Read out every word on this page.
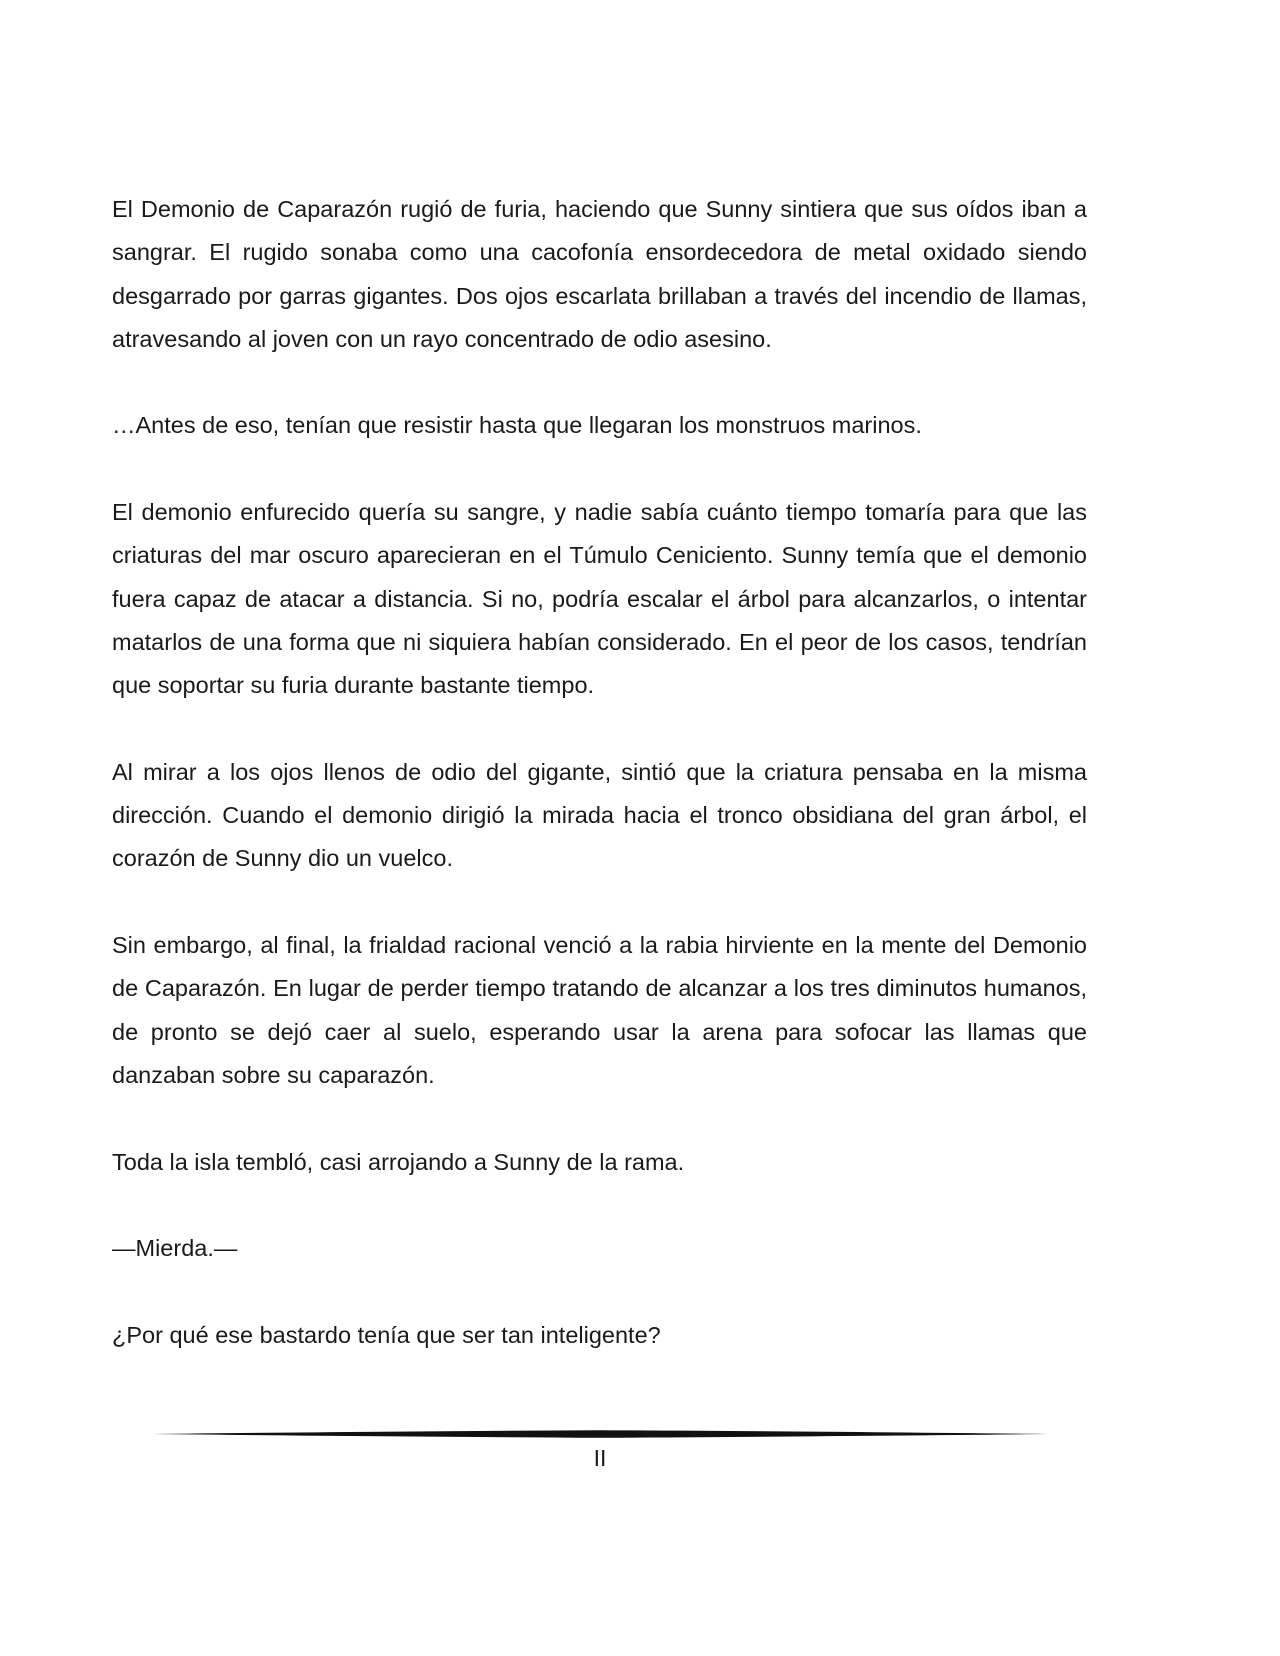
El Demonio de Caparazón rugió de furia, haciendo que Sunny sintiera que sus oídos iban a sangrar. El rugido sonaba como una cacofonía ensordecedora de metal oxidado siendo desgarrado por garras gigantes. Dos ojos escarlata brillaban a través del incendio de llamas, atravesando al joven con un rayo concentrado de odio asesino.

…Antes de eso, tenían que resistir hasta que llegaran los monstruos marinos.

El demonio enfurecido quería su sangre, y nadie sabía cuánto tiempo tomaría para que las criaturas del mar oscuro aparecieran en el Túmulo Ceniciento. Sunny temía que el demonio fuera capaz de atacar a distancia. Si no, podría escalar el árbol para alcanzarlos, o intentar matarlos de una forma que ni siquiera habían considerado. En el peor de los casos, tendrían que soportar su furia durante bastante tiempo.

Al mirar a los ojos llenos de odio del gigante, sintió que la criatura pensaba en la misma dirección. Cuando el demonio dirigió la mirada hacia el tronco obsidiana del gran árbol, el corazón de Sunny dio un vuelco.

Sin embargo, al final, la frialdad racional venció a la rabia hirviente en la mente del Demonio de Caparazón. En lugar de perder tiempo tratando de alcanzar a los tres diminutos humanos, de pronto se dejó caer al suelo, esperando usar la arena para sofocar las llamas que danzaban sobre su caparazón.

Toda la isla tembló, casi arrojando a Sunny de la rama.

—Mierda.—

¿Por qué ese bastardo tenía que ser tan inteligente?

II
